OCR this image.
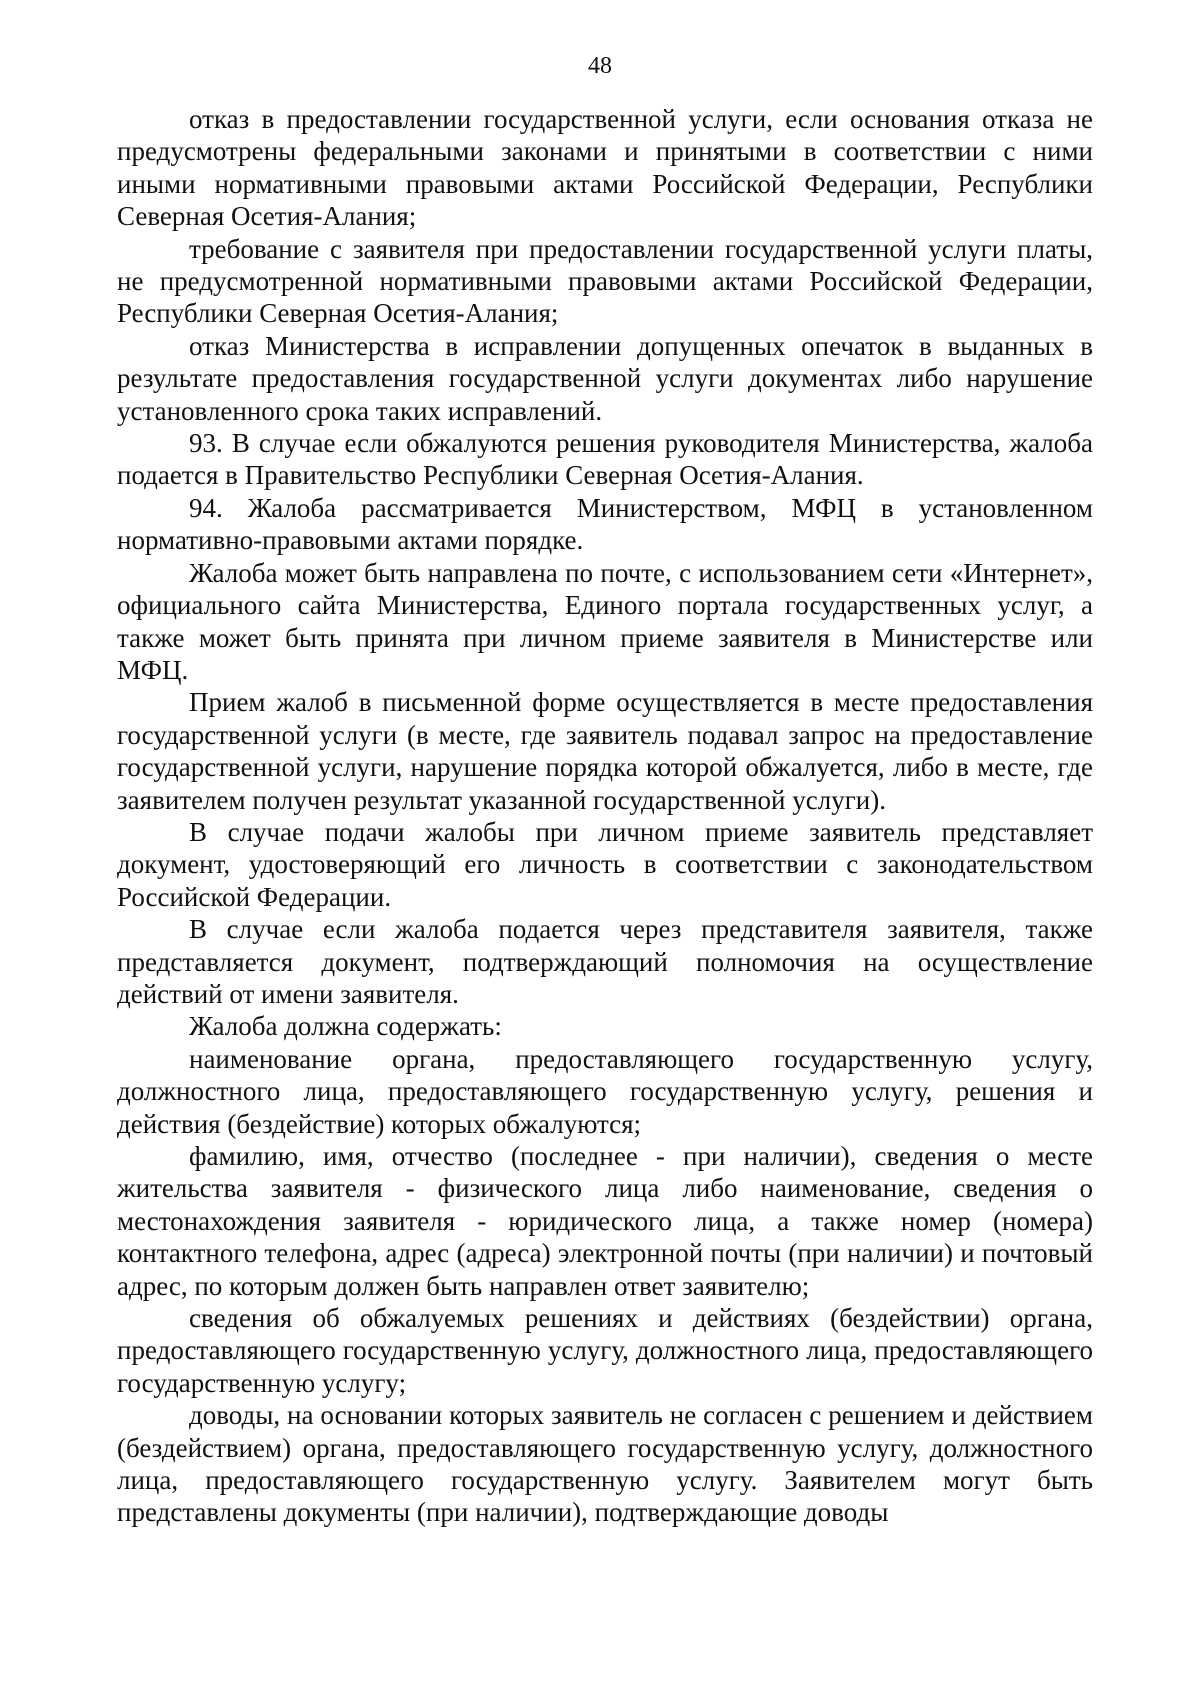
48

отказ в предоставлении государственной услуги, если основания отказа не предусмотрены федеральными законами и принятыми в соответствии с ними иными нормативными правовыми актами Российской Федерации, Республики Северная Осетия-Алания;

требование с заявителя при предоставлении государственной услуги платы, не предусмотренной нормативными правовыми актами Российской Федерации, Республики Северная Осетия-Алания;

отказ Министерства в исправлении допущенных опечаток в выданных в результате предоставления государственной услуги документах либо нарушение установленного срока таких исправлений.

93. В случае если обжалуются решения руководителя Министерства, жалоба подается в Правительство Республики Северная Осетия-Алания.

94. Жалоба рассматривается Министерством, МФЦ в установленном нормативно-правовыми актами порядке.

Жалоба может быть направлена по почте, с использованием сети «Интернет», официального сайта Министерства, Единого портала государственных услуг, а также может быть принята при личном приеме заявителя в Министерстве или МФЦ.

Прием жалоб в письменной форме осуществляется в месте предоставления государственной услуги (в месте, где заявитель подавал запрос на предоставление государственной услуги, нарушение порядка которой обжалуется, либо в месте, где заявителем получен результат указанной государственной услуги).

В случае подачи жалобы при личном приеме заявитель представляет документ, удостоверяющий его личность в соответствии с законодательством Российской Федерации.

В случае если жалоба подается через представителя заявителя, также представляется документ, подтверждающий полномочия на осуществление действий от имени заявителя.

Жалоба должна содержать:

наименование органа, предоставляющего государственную услугу, должностного лица, предоставляющего государственную услугу, решения и действия (бездействие) которых обжалуются;

фамилию, имя, отчество (последнее - при наличии), сведения о месте жительства заявителя - физического лица либо наименование, сведения о местонахождения заявителя - юридического лица, а также номер (номера) контактного телефона, адрес (адреса) электронной почты (при наличии) и почтовый адрес, по которым должен быть направлен ответ заявителю;

сведения об обжалуемых решениях и действиях (бездействии) органа, предоставляющего государственную услугу, должностного лица, предоставляющего государственную услугу;

доводы, на основании которых заявитель не согласен с решением и действием (бездействием) органа, предоставляющего государственную услугу, должностного лица, предоставляющего государственную услугу. Заявителем могут быть представлены документы (при наличии), подтверждающие доводы
